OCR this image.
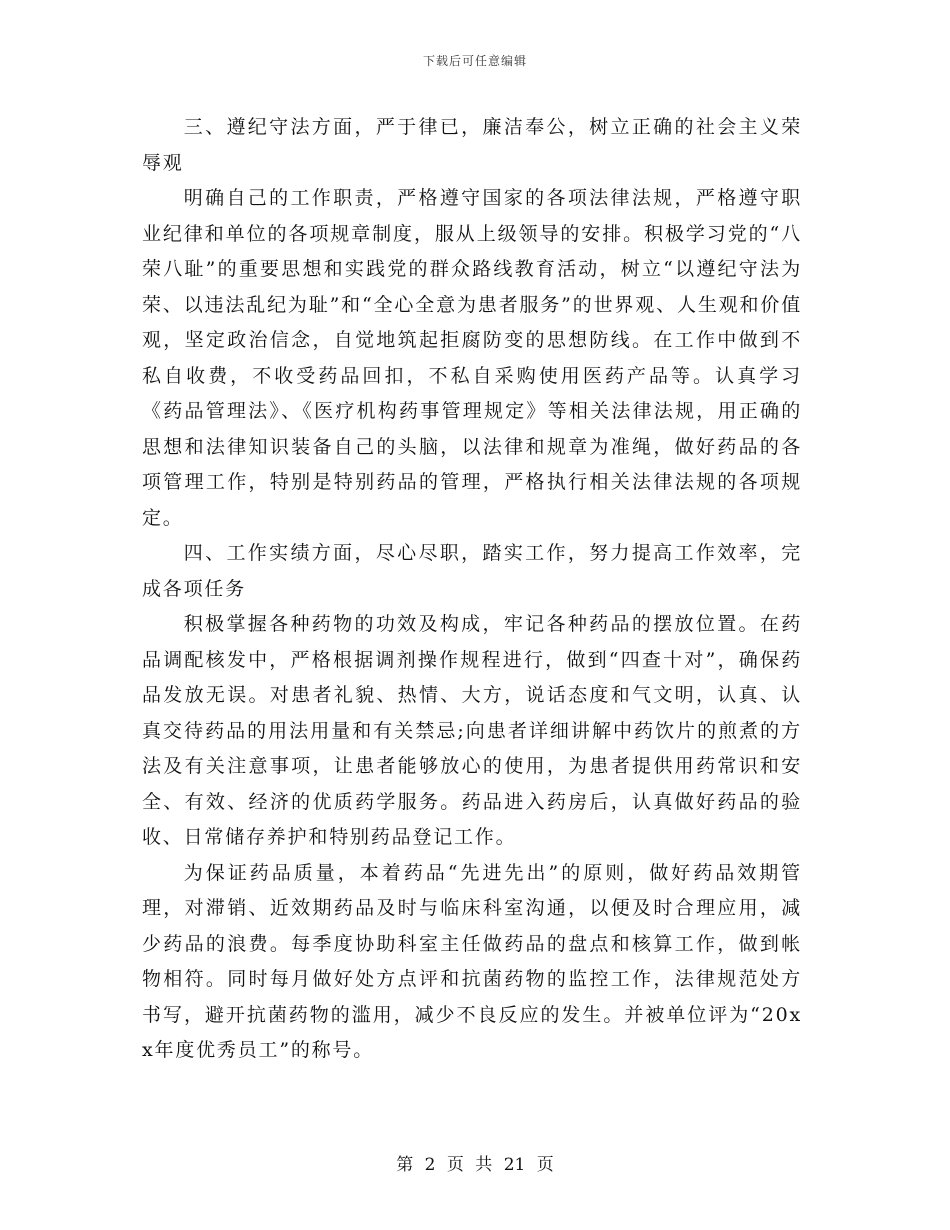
下载后可任意编辑

三、遵纪守法方面，严于律已，廉洁奉公，树立正确的社会主义荣辱观

明确自己的工作职责，严格遵守国家的各项法律法规，严格遵守职业纪律和单位的各项规章制度，服从上级领导的安排。积极学习党的“八荣八耻”的重要思想和实践党的群众路线教育活动，树立“以遵纪守法为荣、以违法乱纪为耻”和“全心全意为患者服务”的世界观、人生观和价值观，坚定政治信念，自觉地筑起拒腐防变的思想防线。在工作中做到不私自收费，不收受药品回扣，不私自采购使用医药产品等。认真学习《药品管理法》、《医疗机构药事管理规定》等相关法律法规，用正确的思想和法律知识装备自己的头脑，以法律和规章为准绳，做好药品的各项管理工作，特别是特别药品的管理，严格执行相关法律法规的各项规定。

四、工作实绩方面，尽心尽职，踏实工作，努力提高工作效率，完成各项任务

积极掌握各种药物的功效及构成，牢记各种药品的摆放位置。在药品调配核发中，严格根据调剂操作规程进行，做到“四查十对”，确保药品发放无误。对患者礼貌、热情、大方，说话态度和气文明，认真、认真交待药品的用法用量和有关禁忌;向患者详细讲解中药饮片的煎煮的方法及有关注意事项，让患者能够放心的使用，为患者提供用药常识和安全、有效、经济的优质药学服务。药品进入药房后，认真做好药品的验收、日常储存养护和特别药品登记工作。

为保证药品质量，本着药品“先进先出”的原则，做好药品效期管理，对滞销、近效期药品及时与临床科室沟通，以便及时合理应用，减少药品的浪费。每季度协助科室主任做药品的盘点和核算工作，做到帐物相符。同时每月做好处方点评和抗菌药物的监控工作，法律规范处方书写，避开抗菌药物的滥用，减少不良反应的发生。并被单位评为“20xx年度优秀员工”的称号。

第 2 页 共 21 页
